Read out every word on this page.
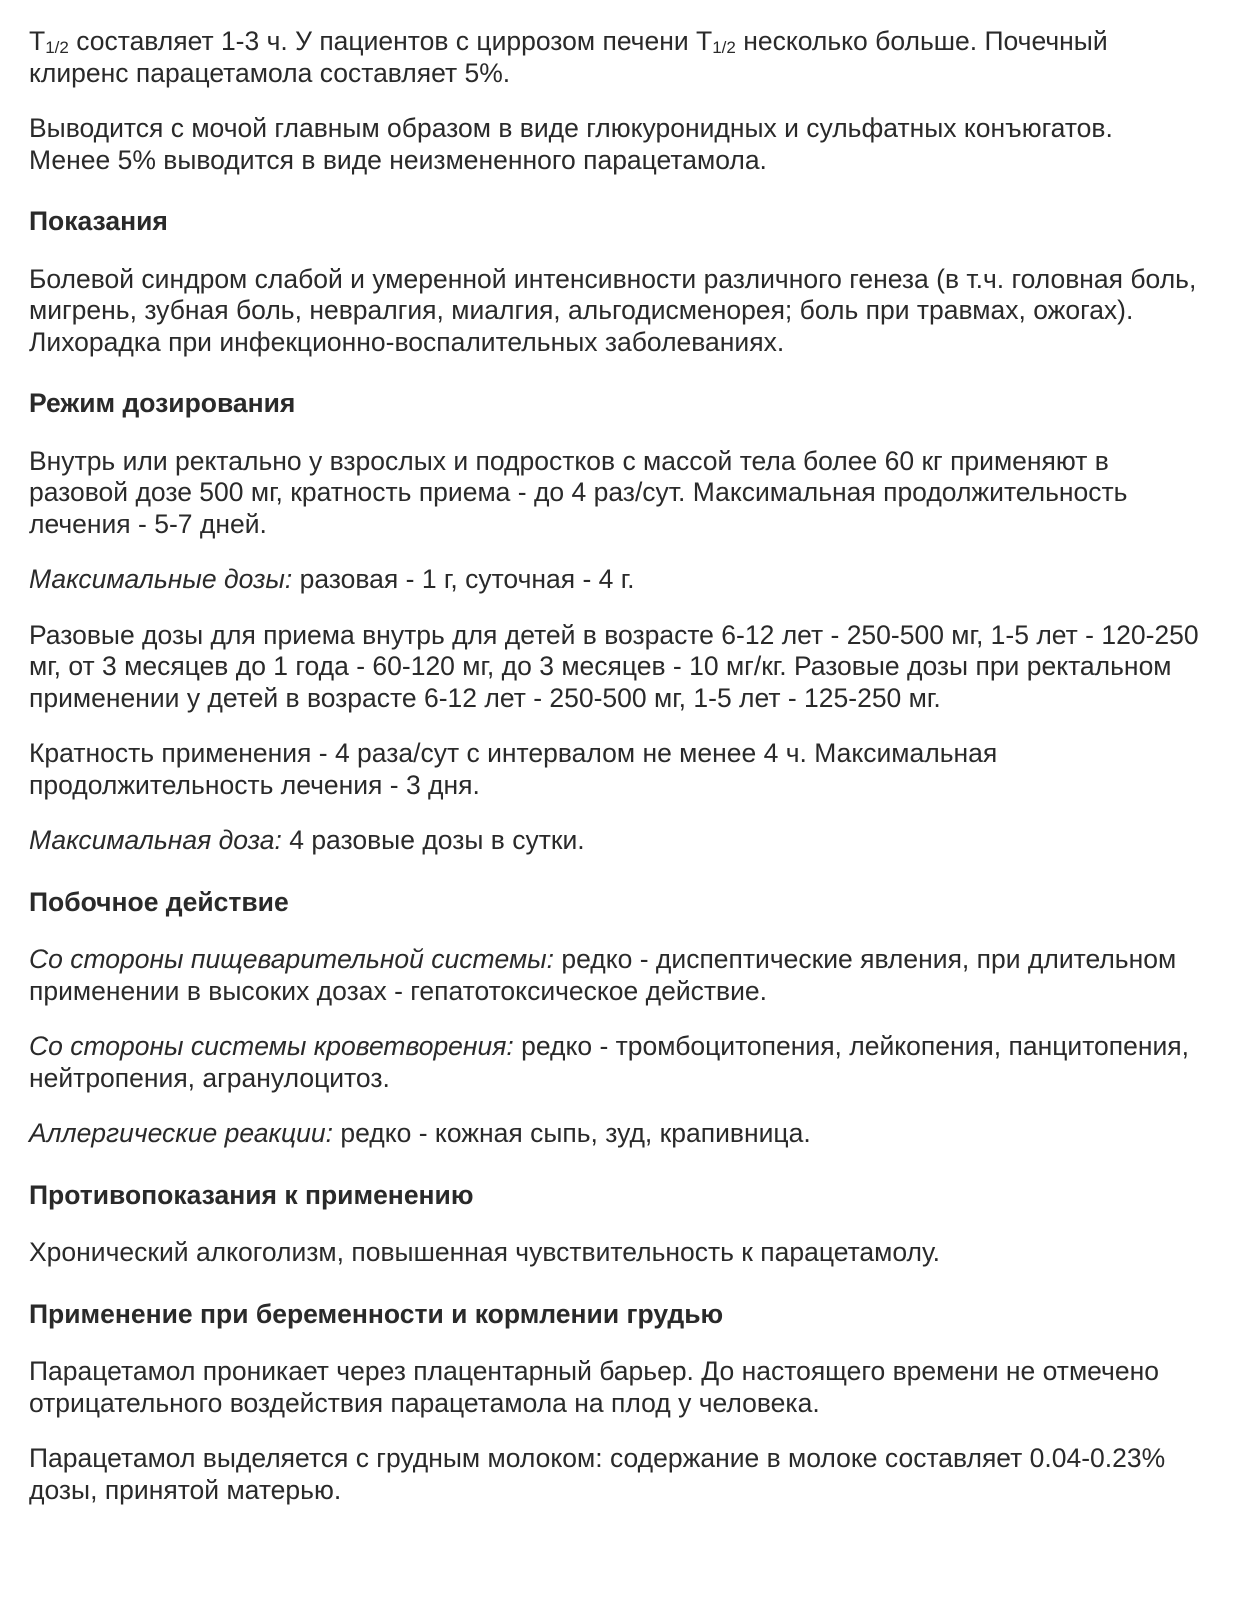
$T_{1/2}$ составляет 1-3 ч. У пациентов с циррозом печени $T_{1/2}$ несколько больше. Почечный клиренс парацетамола составляет 5%.

Выводится с мочой главным образом в виде глюкуронидных и сульфатных конъюгатов. Менее 5% выводится в виде неизмененного парацетамола.

Показания

Болевой синдром слабой и умеренной интенсивности различного генеза (в т.ч. головная боль, мигрень, зубная боль, невралгия, миалгия, альгодисменорея; боль при травмах, ожогах). Лихорадка при инфекционно-воспалительных заболеваниях.

Режим дозирования

Внутрь или ректально у взрослых и подростков с массой тела более 60 кг применяют в разовой дозе 500 мг, кратность приема - до 4 раз/сут. Максимальная продолжительность лечения - 5-7 дней.

Максимальные дозы: разовая - 1 г, суточная - 4 г.

Разовые дозы для приема внутрь для детей в возрасте 6-12 лет - 250-500 мг, 1-5 лет - 120-250 мг, от 3 месяцев до 1 года - 60-120 мг, до 3 месяцев - 10 мг/кг. Разовые дозы при ректальном применении у детей в возрасте 6-12 лет - 250-500 мг, 1-5 лет - 125-250 мг.

Кратность применения - 4 раза/сут с интервалом не менее 4 ч. Максимальная продолжительность лечения - 3 дня.

Максимальная доза: 4 разовые дозы в сутки.

Побочное действие

Со стороны пищеварительной системы: редко - диспептические явления, при длительном применении в высоких дозах - гепатотоксическое действие.

Со стороны системы кроветворения: редко - тромбоцитопения, лейкопения, панцитопения, нейтропения, агранулоцитоз.

Аллергические реакции: редко - кожная сыпь, зуд, крапивница.

Противопоказания к применению

Хронический алкоголизм, повышенная чувствительность к парацетамолу.

Применение при беременности и кормлении грудью

Парацетамол проникает через плацентарный барьер. До настоящего времени не отмечено отрицательного воздействия парацетамола на плод у человека.

Парацетамол выделяется с грудным молоком: содержание в молоке составляет 0.04-0.23% дозы, принятой матерью.
